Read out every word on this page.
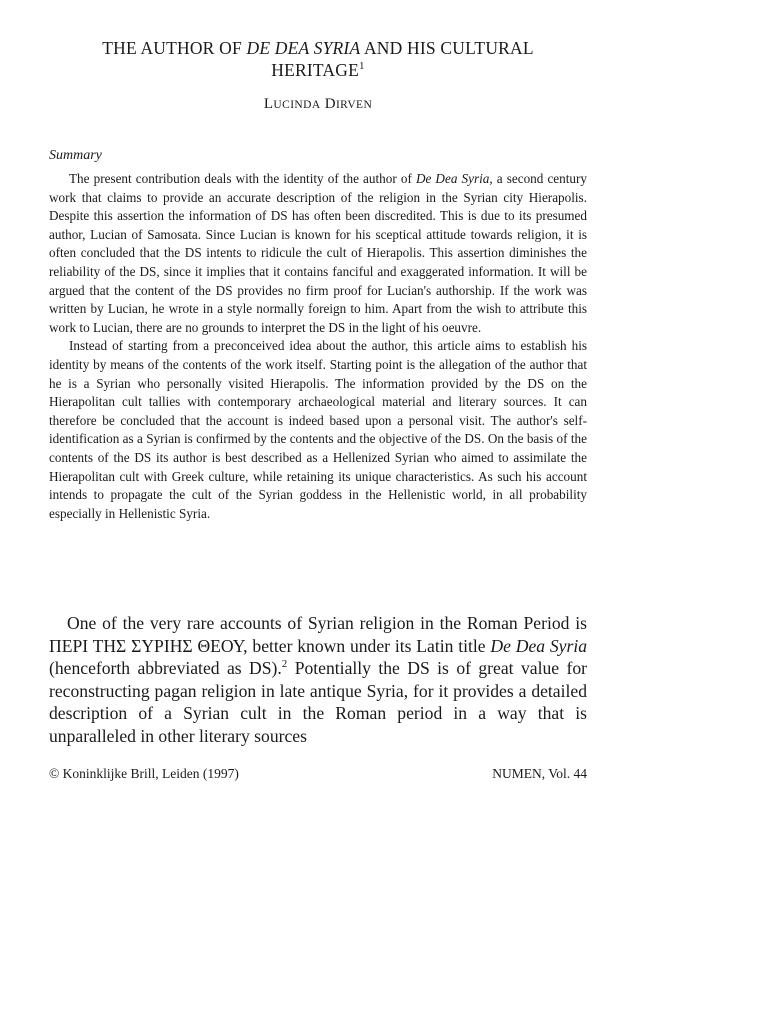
THE AUTHOR OF DE DEA SYRIA AND HIS CULTURAL
HERITAGE$^1$
LUCINDA DIRVEN
Summary

The present contribution deals with the identity of the author of De Dea Syria, a second century work that claims to provide an accurate description of the religion in the Syrian city Hierapolis. Despite this assertion the information of DS has often been discredited. This is due to its presumed author, Lucian of Samosata. Since Lucian is known for his sceptical attitude towards religion, it is often concluded that the DS intents to ridicule the cult of Hierapolis. This assertion diminishes the reliability of the DS, since it implies that it contains fanciful and exaggerated information. It will be argued that the content of the DS provides no firm proof for Lucian's authorship. If the work was written by Lucian, he wrote in a style normally foreign to him. Apart from the wish to attribute this work to Lucian, there are no grounds to interpret the DS in the light of his oeuvre.

Instead of starting from a preconceived idea about the author, this article aims to establish his identity by means of the contents of the work itself. Starting point is the allegation of the author that he is a Syrian who personally visited Hierapolis. The information provided by the DS on the Hierapolitan cult tallies with contemporary archaeological material and literary sources. It can therefore be concluded that the account is indeed based upon a personal visit. The author's self-identification as a Syrian is confirmed by the contents and the objective of the DS. On the basis of the contents of the DS its author is best described as a Hellenized Syrian who aimed to assimilate the Hierapolitan cult with Greek culture, while retaining its unique characteristics. As such his account intends to propagate the cult of the Syrian goddess in the Hellenistic world, in all probability especially in Hellenistic Syria.

One of the very rare accounts of Syrian religion in the Roman Period is ΠΕΡΙ ΤΗΣ ΣΥΡΙΗΣ ΘΕΟΥ, better known under its Latin title De Dea Syria (henceforth abbreviated as DS).$^2$ Potentially the DS is of great value for reconstructing pagan religion in late antique Syria, for it provides a detailed description of a Syrian cult in the Roman period in a way that is unparalleled in other literary sources

© Koninklijke Brill, Leiden (1997)	NUMEN, Vol. 44
